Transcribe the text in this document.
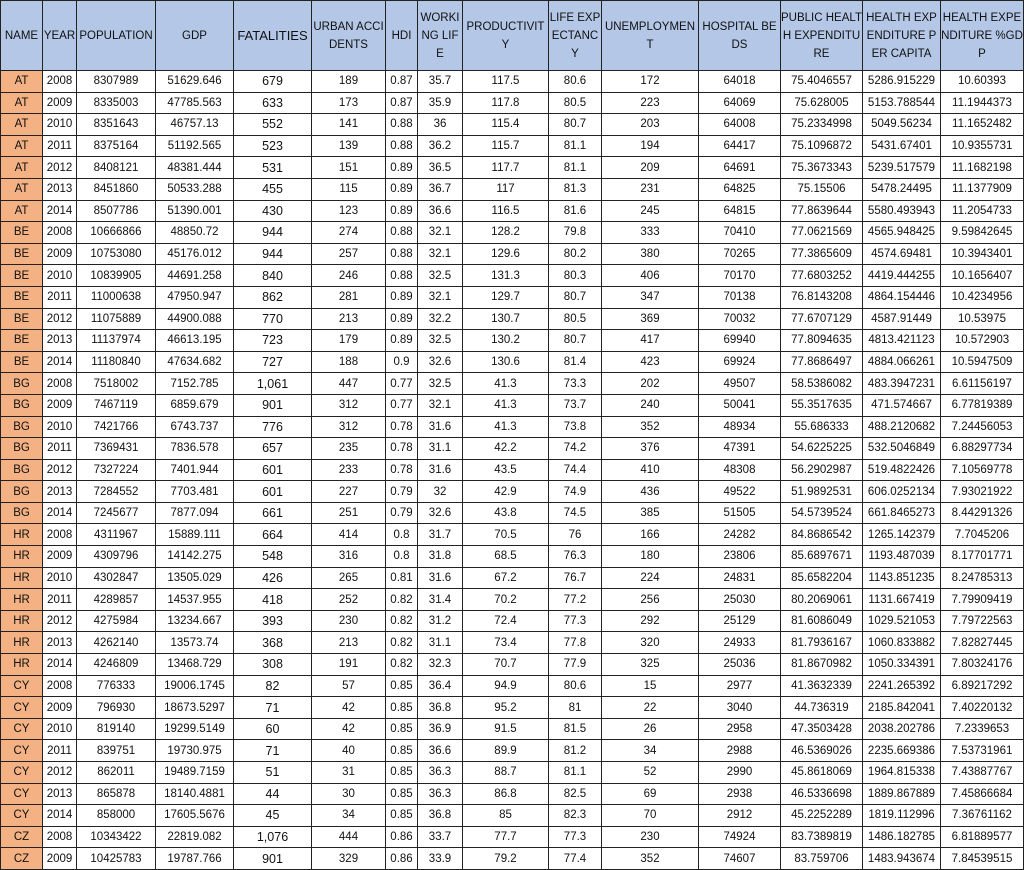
NAME	YEAR	POPULATION	GDP	FATALITIES	URBAN ACCIDENTS	HDI	WORKING LIFE	PRODUCTIVITY	LIFE EXPECTANCY	UNEMPLOYMENT	HOSPITAL BEDS	PUBLIC HEALTH EXPENDITURE	HEALTH EXPENDITURE PER CAPITA	HEALTH EXPENDITURE %GDP
AT	2008	8307989	51629.646	679	189	0.87	35.7	117.5	80.6	172	64018	75.4046557	5286.915229	10.60393
AT	2009	8335003	47785.563	633	173	0.87	35.9	117.8	80.5	223	64069	75.628005	5153.788544	11.1944373
AT	2010	8351643	46757.13	552	141	0.88	36	115.4	80.7	203	64008	75.2334998	5049.56234	11.1652482
AT	2011	8375164	51192.565	523	139	0.88	36.2	115.7	81.1	194	64417	75.1096872	5431.67401	10.9355731
AT	2012	8408121	48381.444	531	151	0.89	36.5	117.7	81.1	209	64691	75.3673343	5239.517579	11.1682198
AT	2013	8451860	50533.288	455	115	0.89	36.7	117	81.3	231	64825	75.15506	5478.24495	11.1377909
AT	2014	8507786	51390.001	430	123	0.89	36.6	116.5	81.6	245	64815	77.8639644	5580.493943	11.2054733
BE	2008	10666866	48850.72	944	274	0.88	32.1	128.2	79.8	333	70410	77.0621569	4565.948425	9.59842645
BE	2009	10753080	45176.012	944	257	0.88	32.1	129.6	80.2	380	70265	77.3865609	4574.69481	10.3943401
BE	2010	10839905	44691.258	840	246	0.88	32.5	131.3	80.3	406	70170	77.6803252	4419.444255	10.1656407
BE	2011	11000638	47950.947	862	281	0.89	32.1	129.7	80.7	347	70138	76.8143208	4864.154446	10.4234956
BE	2012	11075889	44900.088	770	213	0.89	32.2	130.7	80.5	369	70032	77.6707129	4587.91449	10.53975
BE	2013	11137974	46613.195	723	179	0.89	32.5	130.2	80.7	417	69940	77.8094635	4813.421123	10.572903
BE	2014	11180840	47634.682	727	188	0.9	32.6	130.6	81.4	423	69924	77.8686497	4884.066261	10.5947509
BG	2008	7518002	7152.785	1,061	447	0.77	32.5	41.3	73.3	202	49507	58.5386082	483.3947231	6.61156197
BG	2009	7467119	6859.679	901	312	0.77	32.1	41.3	73.7	240	50041	55.3517635	471.574667	6.77819389
BG	2010	7421766	6743.737	776	312	0.78	31.6	41.3	73.8	352	48934	55.686333	488.2120682	7.24456053
BG	2011	7369431	7836.578	657	235	0.78	31.1	42.2	74.2	376	47391	54.6225225	532.5046849	6.88297734
BG	2012	7327224	7401.944	601	233	0.78	31.6	43.5	74.4	410	48308	56.2902987	519.4822426	7.10569778
BG	2013	7284552	7703.481	601	227	0.79	32	42.9	74.9	436	49522	51.9892531	606.0252134	7.93021922
BG	2014	7245677	7877.094	661	251	0.79	32.6	43.8	74.5	385	51505	54.5739524	661.8465273	8.44291326
HR	2008	4311967	15889.111	664	414	0.8	31.7	70.5	76	166	24282	84.8686542	1265.142379	7.7045206
HR	2009	4309796	14142.275	548	316	0.8	31.8	68.5	76.3	180	23806	85.6897671	1193.487039	8.17701771
HR	2010	4302847	13505.029	426	265	0.81	31.6	67.2	76.7	224	24831	85.6582204	1143.851235	8.24785313
HR	2011	4289857	14537.955	418	252	0.82	31.4	70.2	77.2	256	25030	80.2069061	1131.667419	7.79909419
HR	2012	4275984	13234.667	393	230	0.82	31.2	72.4	77.3	292	25129	81.6086049	1029.521053	7.79722563
HR	2013	4262140	13573.74	368	213	0.82	31.1	73.4	77.8	320	24933	81.7936167	1060.833882	7.82827445
HR	2014	4246809	13468.729	308	191	0.82	32.3	70.7	77.9	325	25036	81.8670982	1050.334391	7.80324176
CY	2008	776333	19006.1745	82	57	0.85	36.4	94.9	80.6	15	2977	41.3632339	2241.265392	6.89217292
CY	2009	796930	18673.5297	71	42	0.85	36.8	95.2	81	22	3040	44.736319	2185.842041	7.40220132
CY	2010	819140	19299.5149	60	42	0.85	36.9	91.5	81.5	26	2958	47.3503428	2038.202786	7.2339653
CY	2011	839751	19730.975	71	40	0.85	36.6	89.9	81.2	34	2988	46.5369026	2235.669386	7.53731961
CY	2012	862011	19489.7159	51	31	0.85	36.3	88.7	81.1	52	2990	45.8618069	1964.815338	7.43887767
CY	2013	865878	18140.4881	44	30	0.85	36.3	86.8	82.5	69	2938	46.5336698	1889.867889	7.45866684
CY	2014	858000	17605.5676	45	34	0.85	36.8	85	82.3	70	2912	45.2252289	1819.112996	7.36761162
CZ	2008	10343422	22819.082	1,076	444	0.86	33.7	77.7	77.3	230	74924	83.7389819	1486.182785	6.81889577
CZ	2009	10425783	19787.766	901	329	0.86	33.9	79.2	77.4	352	74607	83.759706	1483.943674	7.84539515
